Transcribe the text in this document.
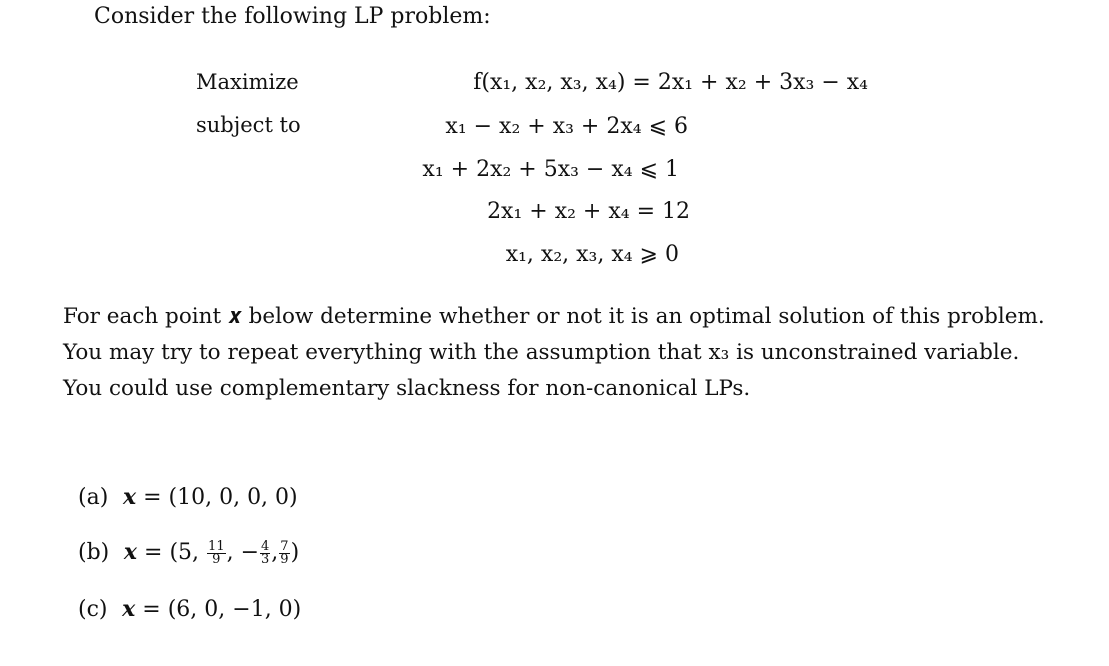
Consider the following LP problem:
Maximize
subject to
f(x₁, x₂, x₃, x₄) = 2x₁ + x₂ + 3x₃ − x₄
x₁ − x₂ + x₃ + 2x₄ ⩽ 6
x₁ + 2x₂ + 5x₃ − x₄ ⩽ 1
2x₁ + x₂ + x₄ = 12
x₁, x₂, x₃, x₄ ⩾ 0
For each point 𝒙 below determine whether or not it is an optimal solution of this problem.
You may try to repeat everything with the assumption that x₃ is unconstrained variable.
You could use complementary slackness for non-canonical LPs.
(a)  x = (10, 0, 0, 0)
(b)  x = (5, $\frac{11}{9}$ , − $\frac{4}{3}$ , $\frac{7}{9}$ )
(c)  x = (6, 0, −1, 0)
